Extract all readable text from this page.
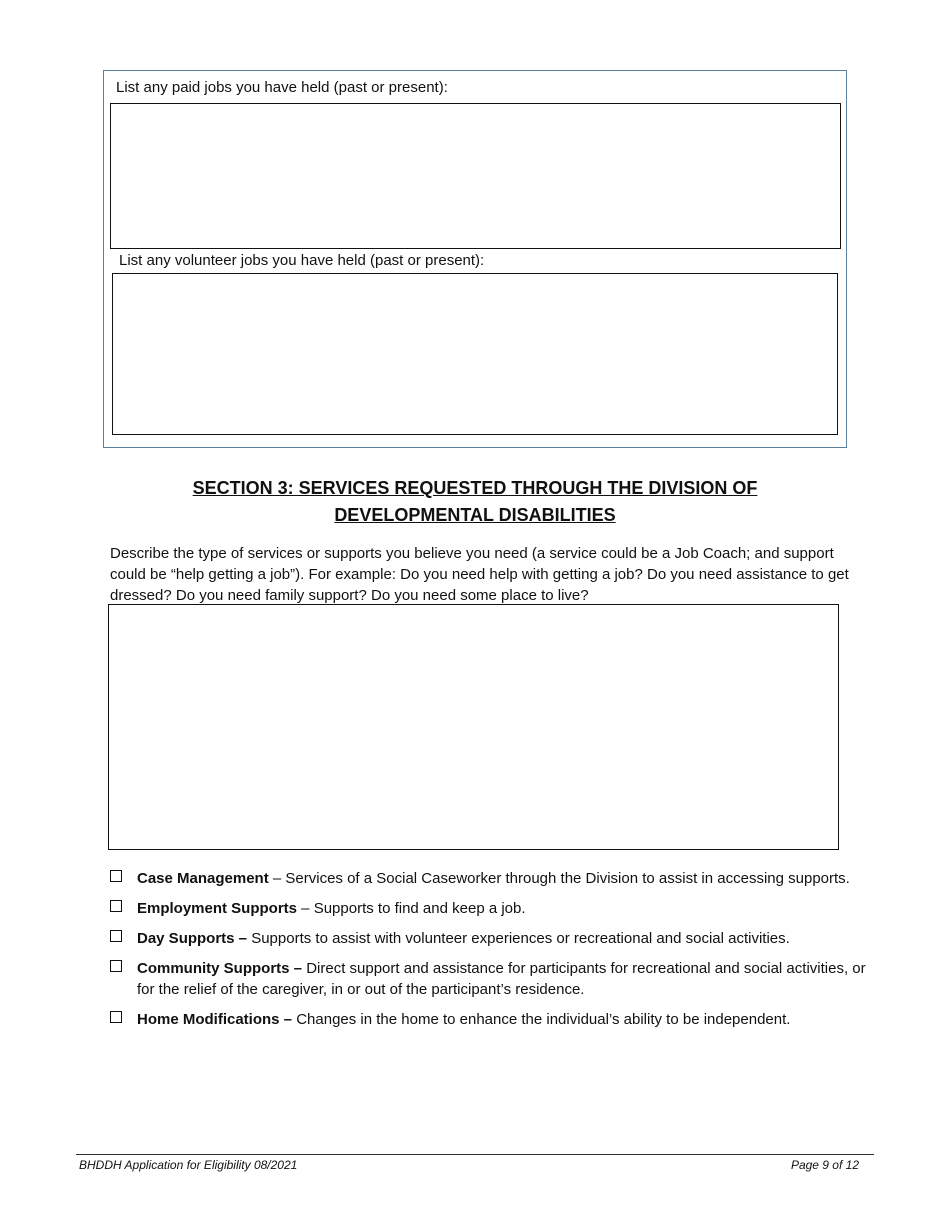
List any paid jobs you have held (past or present):
List any volunteer jobs you have held (past or present):
SECTION 3: SERVICES REQUESTED THROUGH THE DIVISION OF
DEVELOPMENTAL DISABILITIES
Describe the type of services or supports you believe you need (a service could be a Job Coach; and support could be “help getting a job”). For example: Do you need help with getting a job? Do you need assistance to get dressed? Do you need family support? Do you need some place to live?
Case Management – Services of a Social Caseworker through the Division to assist in accessing supports.
Employment Supports – Supports to find and keep a job.
Day Supports – Supports to assist with volunteer experiences or recreational and social activities.
Community Supports – Direct support and assistance for participants for recreational and social activities, or for the relief of the caregiver, in or out of the participant’s residence.
Home Modifications – Changes in the home to enhance the individual’s ability to be independent.
BHDDH Application for Eligibility 08/2021	Page 9 of 12
